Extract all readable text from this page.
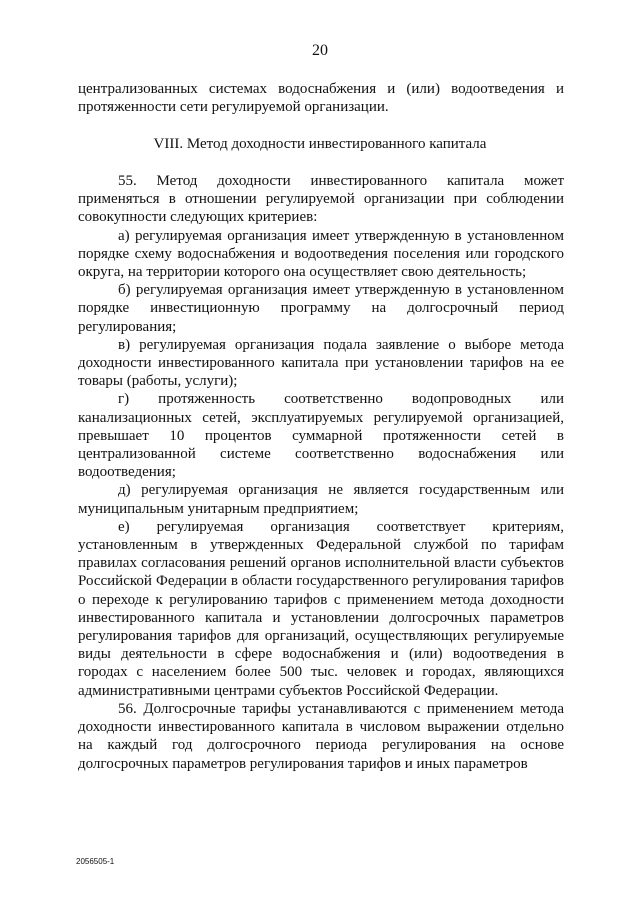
20

централизованных системах водоснабжения и (или) водоотведения и протяженности сети регулируемой организации.

VIII. Метод доходности инвестированного капитала

55. Метод доходности инвестированного капитала может применяться в отношении регулируемой организации при соблюдении совокупности следующих критериев:

а) регулируемая организация имеет утвержденную в установленном порядке схему водоснабжения и водоотведения поселения или городского округа, на территории которого она осуществляет свою деятельность;

б) регулируемая организация имеет утвержденную в установленном порядке инвестиционную программу на долгосрочный период регулирования;

в) регулируемая организация подала заявление о выборе метода доходности инвестированного капитала при установлении тарифов на ее товары (работы, услуги);

г) протяженность соответственно водопроводных или канализационных сетей, эксплуатируемых регулируемой организацией, превышает 10 процентов суммарной протяженности сетей в централизованной системе соответственно водоснабжения или водоотведения;

д) регулируемая организация не является государственным или муниципальным унитарным предприятием;

е) регулируемая организация соответствует критериям, установленным в утвержденных Федеральной службой по тарифам правилах согласования решений органов исполнительной власти субъектов Российской Федерации в области государственного регулирования тарифов о переходе к регулированию тарифов с применением метода доходности инвестированного капитала и установлении долгосрочных параметров регулирования тарифов для организаций, осуществляющих регулируемые виды деятельности в сфере водоснабжения и (или) водоотведения в городах с населением более 500 тыс. человек и городах, являющихся административными центрами субъектов Российской Федерации.

56. Долгосрочные тарифы устанавливаются с применением метода доходности инвестированного капитала в числовом выражении отдельно на каждый год долгосрочного периода регулирования на основе долгосрочных параметров регулирования тарифов и иных параметров

2056505-1
